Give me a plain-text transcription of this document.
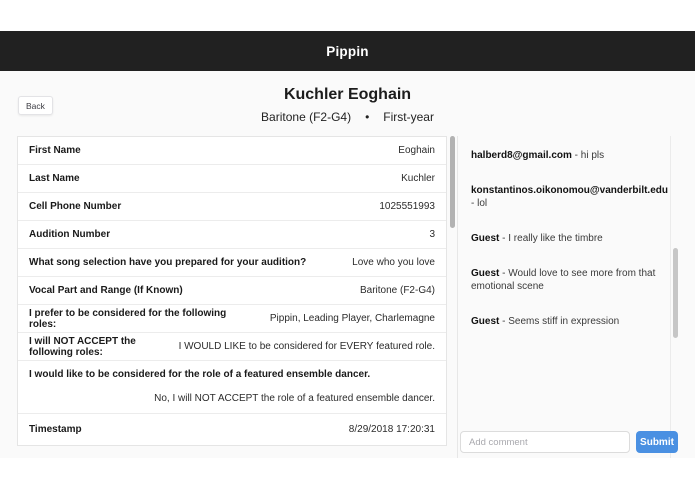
Pippin
Back
Kuchler Eoghain
Baritone (F2-G4) • First-year
First Name	Eoghain
Last Name	Kuchler
Cell Phone Number	1025551993
Audition Number	3
What song selection have you prepared for your audition?	Love who you love
Vocal Part and Range (If Known)	Baritone (F2-G4)
I prefer to be considered for the following roles:	Pippin, Leading Player, Charlemagne
I will NOT ACCEPT the following roles:	I WOULD LIKE to be considered for EVERY featured role.
I would like to be considered for the role of a featured ensemble dancer.
No, I will NOT ACCEPT the role of a featured ensemble dancer.
Timestamp	8/29/2018 17:20:31
halberd8@gmail.com - hi pls
konstantinos.oikonomou@vanderbilt.edu - lol
Guest - I really like the timbre
Guest - Would love to see more from that emotional scene
Guest - Seems stiff in expression
Add comment
Submit
